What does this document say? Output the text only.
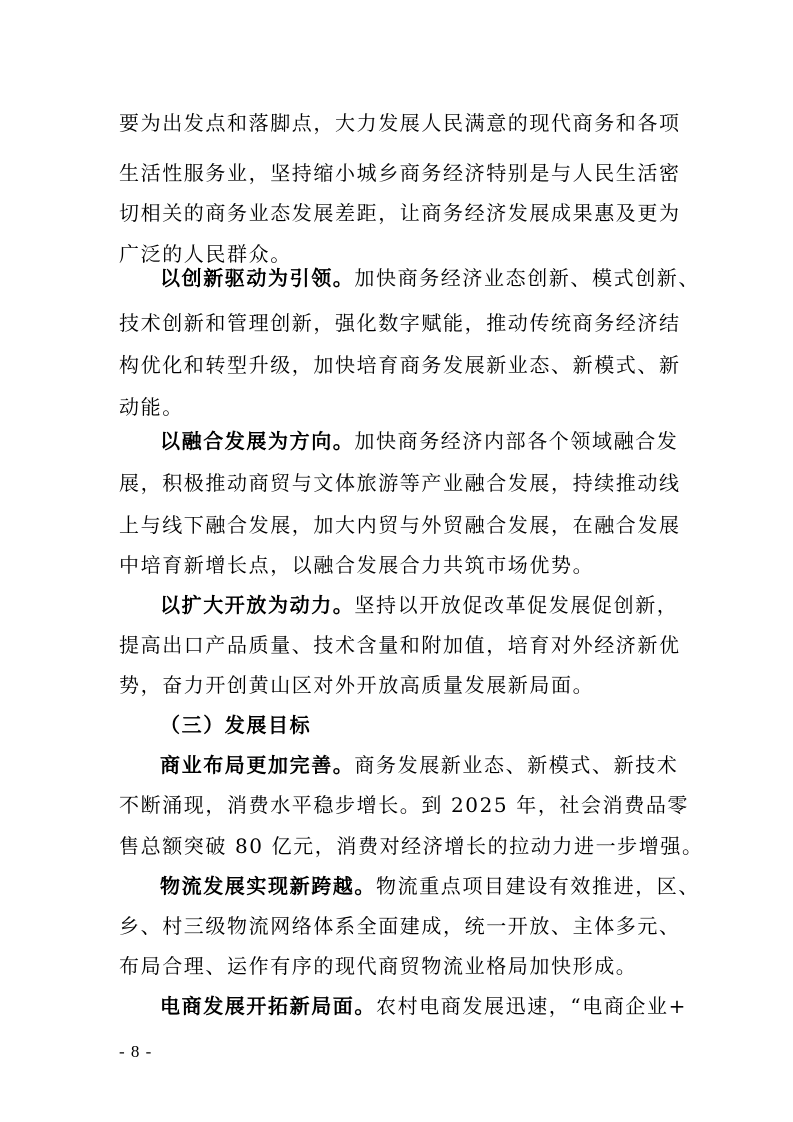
要为出发点和落脚点，大力发展人民满意的现代商务和各项
生活性服务业，坚持缩小城乡商务经济特别是与人民生活密
切相关的商务业态发展差距，让商务经济发展成果惠及更为
广泛的人民群众。
以创新驱动为引领。加快商务经济业态创新、模式创新、
技术创新和管理创新，强化数字赋能，推动传统商务经济结
构优化和转型升级，加快培育商务发展新业态、新模式、新
动能。
以融合发展为方向。加快商务经济内部各个领域融合发
展，积极推动商贸与文体旅游等产业融合发展，持续推动线
上与线下融合发展，加大内贸与外贸融合发展，在融合发展
中培育新增长点，以融合发展合力共筑市场优势。
以扩大开放为动力。坚持以开放促改革促发展促创新，
提高出口产品质量、技术含量和附加值，培育对外经济新优
势，奋力开创黄山区对外开放高质量发展新局面。
（三）发展目标
商业布局更加完善。商务发展新业态、新模式、新技术
不断涌现，消费水平稳步增长。到 2025 年，社会消费品零
售总额突破 80 亿元，消费对经济增长的拉动力进一步增强。
物流发展实现新跨越。物流重点项目建设有效推进，区、
乡、村三级物流网络体系全面建成，统一开放、主体多元、
布局合理、运作有序的现代商贸物流业格局加快形成。
电商发展开拓新局面。农村电商发展迅速，“电商企业+
- 8 -
